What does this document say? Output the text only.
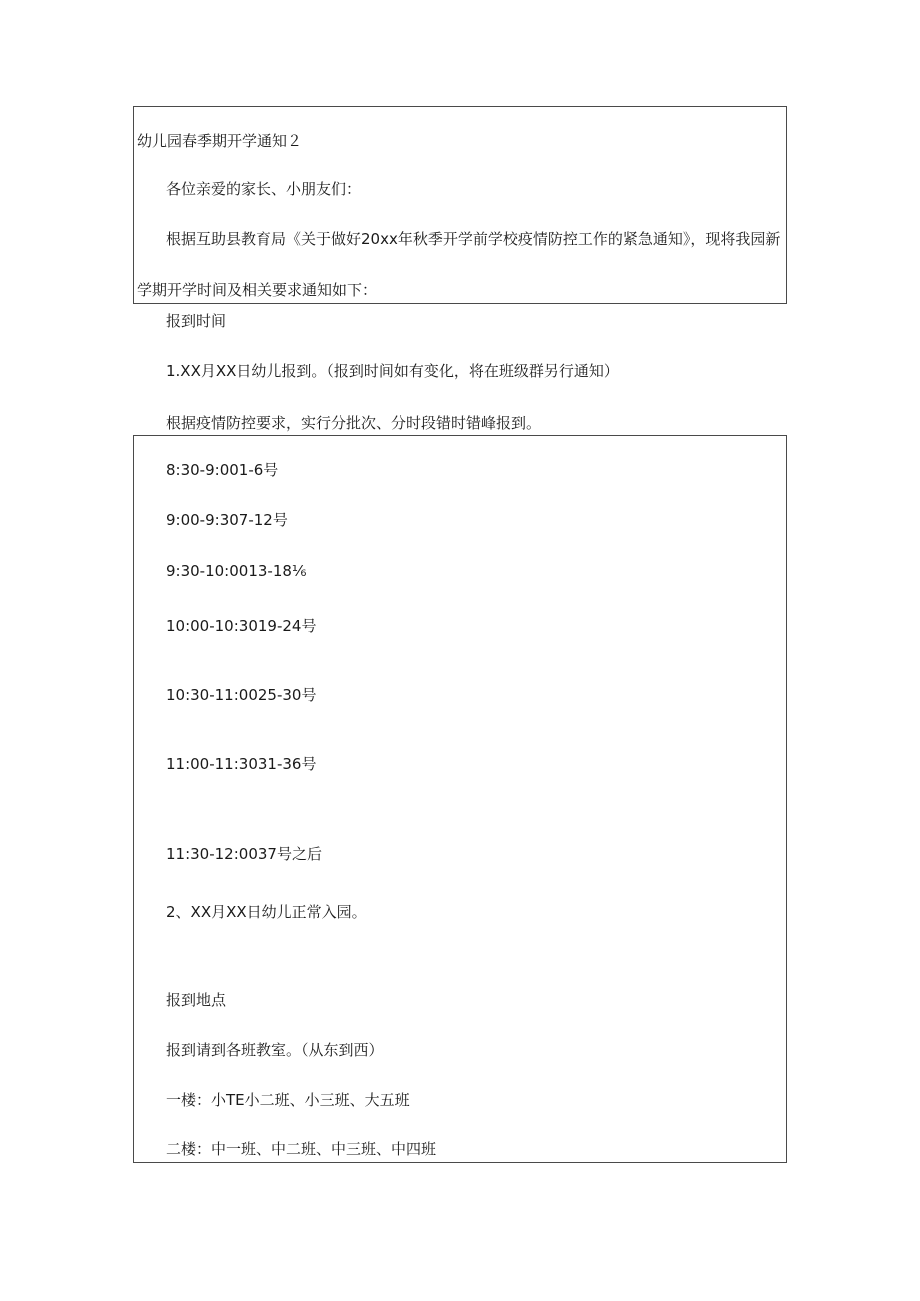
幼儿园春季期开学通知２
各位亲爱的家长、小朋友们：
根据互助县教育局《关于做好20xx年秋季开学前学校疫情防控工作的紧急通知》，现将我园新
学期开学时间及相关要求通知如下：
报到时间
1.XX月XX日幼儿报到。（报到时间如有变化，将在班级群另行通知）
根据疫情防控要求，实行分批次、分时段错时错峰报到。
8:30-9:001-6号
9:00-9:307-12号
9:30-10:0013-18⅙
10:00-10:3019-24号
10:30-11:0025-30号
11:00-11:3031-36号
11:30-12:0037号之后
2、XX月XX日幼儿正常入园。
报到地点
报到请到各班教室。（从东到西）
一楼：小TE小二班、小三班、大五班
二楼：中一班、中二班、中三班、中四班
